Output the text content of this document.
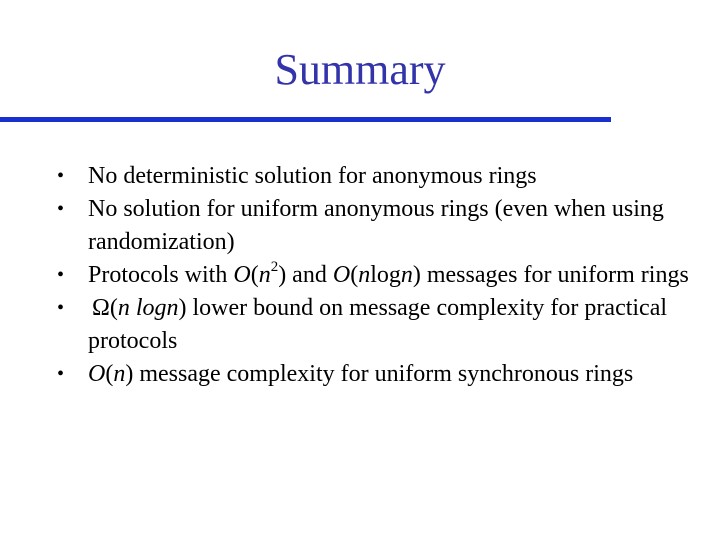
Summary
• No deterministic solution for anonymous rings
• No solution for uniform anonymous rings (even when using randomization)
• Protocols with $O(n^2)$ and O(nlogn) messages for uniform rings
• Ω(n logn) lower bound on message complexity for practical protocols
• O(n) message complexity for uniform synchronous rings
